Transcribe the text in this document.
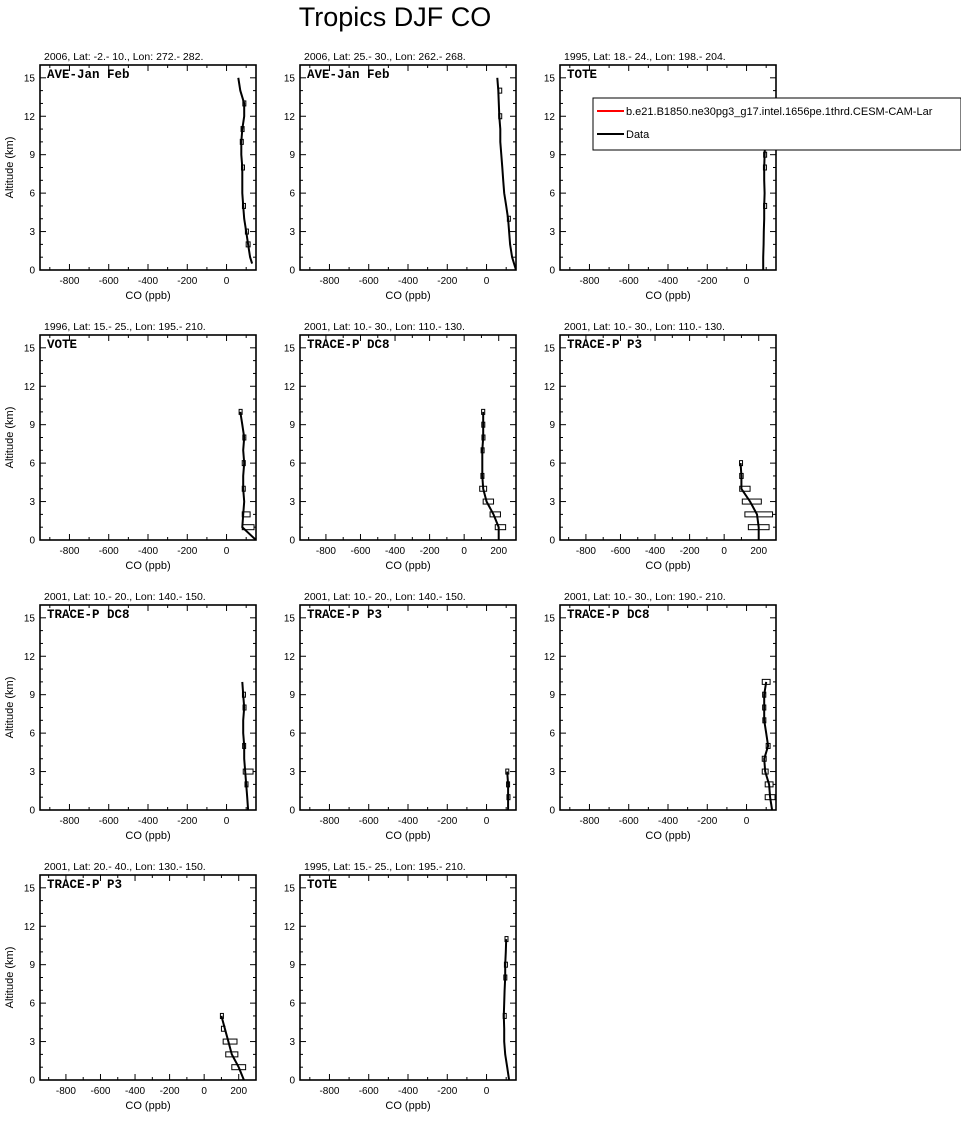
Tropics DJF CO
0
3
6
9
12
15
-800 -600 -400 -200	0
2006, Lat: -2.- 10., Lon: 272.- 282.
AVE-Jan Feb
CO (ppb)
Altitude (km)
0
3
6
9
12
15
-800 -600 -400 -200	0
2006, Lat: 25.- 30., Lon: 262.- 268.
AVE-Jan Feb
CO (ppb)
0
3
6
9
12
15
-800 -600 -400 -200	0
1995, Lat: 18.- 24., Lon: 198.- 204.
TOTE
CO (ppb)
0
3
6
9
12
15
-800 -600 -400 -200	0
1996, Lat: 15.- 25., Lon: 195.- 210.
VOTE
CO (ppb)
Altitude (km)
0
3
6
9
12
15
-800 -600 -400 -200 0 200
2001, Lat: 10.- 30., Lon: 110.- 130.
TRACE-P DC8
CO (ppb)
0
3
6
9
12
15
-800 -600 -400 -200 0 200
2001, Lat: 10.- 30., Lon: 110.- 130.
TRACE-P P3
CO (ppb)
0
3
6
9
12
15
-800 -600 -400 -200	0
2001, Lat: 10.- 20., Lon: 140.- 150.
TRACE-P DC8
CO (ppb)
Altitude (km)
0
3
6
9
12
15
-800 -600 -400 -200	0
2001, Lat: 10.- 20., Lon: 140.- 150.
TRACE-P P3
CO (ppb)
0
3
6
9
12
15
-800 -600 -400 -200	0
2001, Lat: 10.- 30., Lon: 190.- 210.
TRACE-P DC8
CO (ppb)
0
3
6
9
12
15
-800 -600 -400 -200 0 200
2001, Lat: 20.- 40., Lon: 130.- 150.
TRACE-P P3
CO (ppb)
Altitude (km)
0
3
6
9
12
15
-800 -600 -400 -200	0
1995, Lat: 15.- 25., Lon: 195.- 210.
TOTE
CO (ppb)
b.e21.B1850.ne30pg3_g17.intel.1656pe.1thrd.CESM-CAM-Lar
Data
